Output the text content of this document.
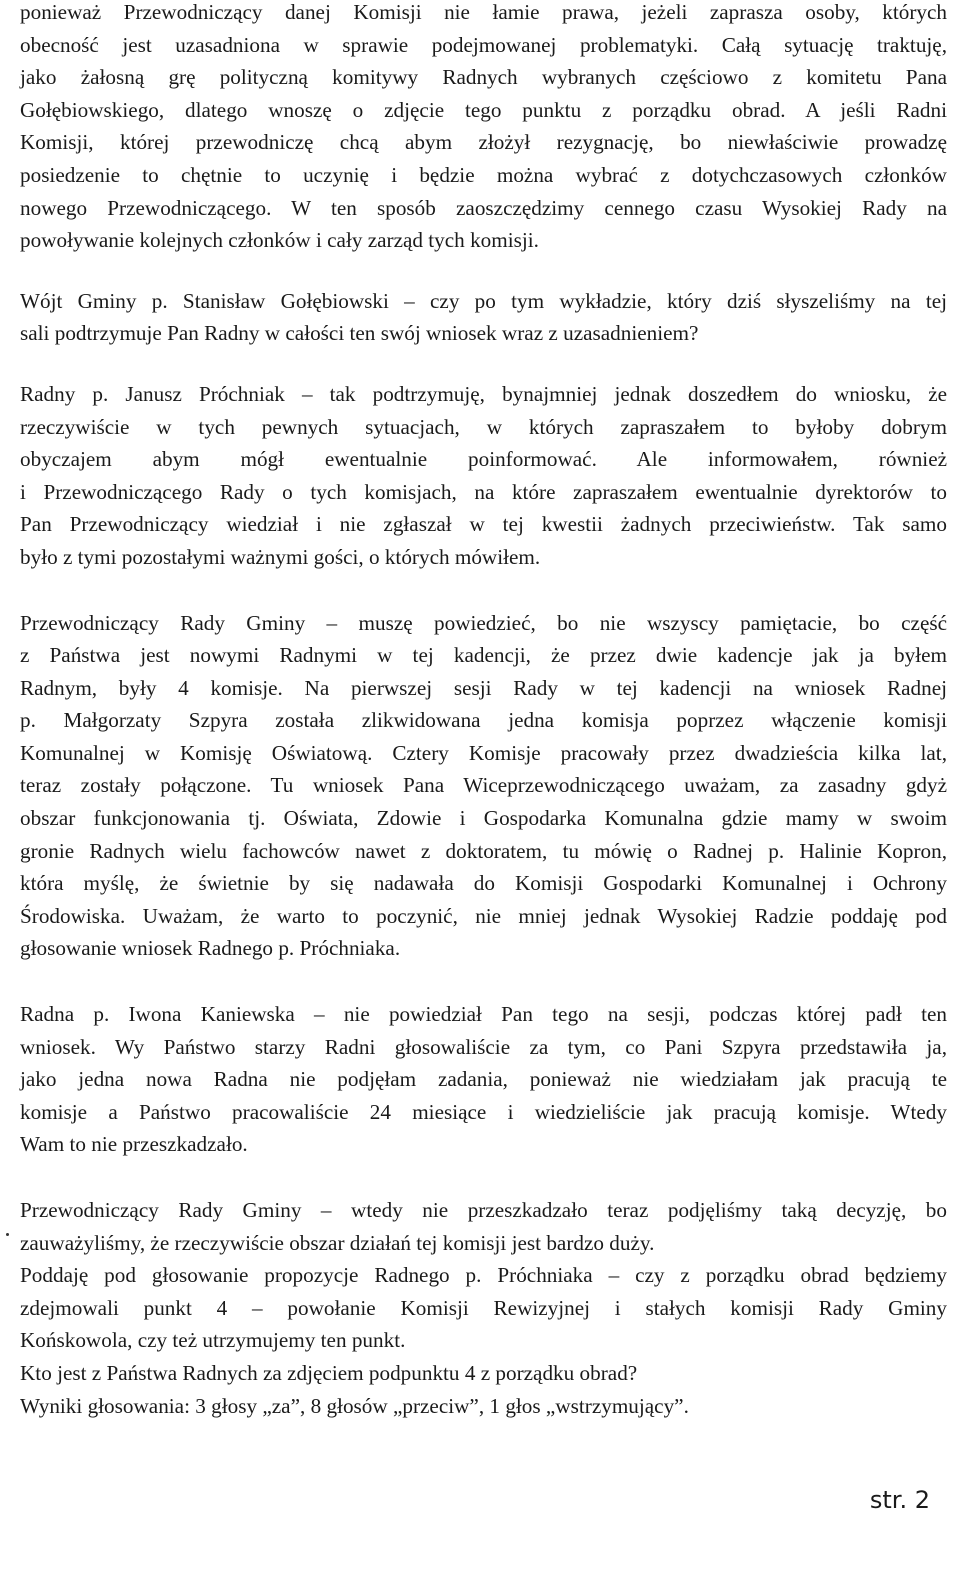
ponieważ Przewodniczący danej Komisji nie łamie prawa, jeżeli zaprasza osoby, których
obecność jest uzasadniona w sprawie podejmowanej problematyki. Całą sytuację traktuję,
jako żałosną grę polityczną komitywy Radnych wybranych częściowo z komitetu Pana
Gołębiowskiego, dlatego wnoszę o zdjęcie tego punktu z porządku obrad. A jeśli Radni
Komisji, której przewodniczę chcą abym złożył rezygnację, bo niewłaściwie prowadzę
posiedzenie to chętnie to uczynię i będzie można wybrać z dotychczasowych członków
nowego Przewodniczącego. W ten sposób zaoszczędzimy cennego czasu Wysokiej Rady na
powoływanie kolejnych członków i cały zarząd tych komisji.

Wójt Gminy p. Stanisław Gołębiowski – czy po tym wykładzie, który dziś słyszeliśmy na tej
sali podtrzymuje Pan Radny w całości ten swój wniosek wraz z uzasadnieniem?

Radny p. Janusz Próchniak – tak podtrzymuję, bynajmniej jednak doszedłem do wniosku, że
rzeczywiście w tych pewnych sytuacjach, w których zapraszałem to byłoby dobrym
obyczajem abym mógł ewentualnie poinformować. Ale informowałem, również
i Przewodniczącego Rady o tych komisjach, na które zapraszałem ewentualnie dyrektorów to
Pan Przewodniczący wiedział i nie zgłaszał w tej kwestii żadnych przeciwieństw. Tak samo
było z tymi pozostałymi ważnymi gości, o których mówiłem.

Przewodniczący Rady Gminy – muszę powiedzieć, bo nie wszyscy pamiętacie, bo część
z Państwa jest nowymi Radnymi w tej kadencji, że przez dwie kadencje jak ja byłem
Radnym, były 4 komisje. Na pierwszej sesji Rady w tej kadencji na wniosek Radnej
p. Małgorzaty Szpyra została zlikwidowana jedna komisja poprzez włączenie komisji
Komunalnej w Komisję Oświatową. Cztery Komisje pracowały przez dwadzieścia kilka lat,
teraz zostały połączone. Tu wniosek Pana Wiceprzewodniczącego uważam, za zasadny gdyż
obszar funkcjonowania tj. Oświata, Zdowie i Gospodarka Komunalna gdzie mamy w swoim
gronie Radnych wielu fachowców nawet z doktoratem, tu mówię o Radnej p. Halinie Kopron,
która myślę, że świetnie by się nadawała do Komisji Gospodarki Komunalnej i Ochrony
Środowiska. Uważam, że warto to poczynić, nie mniej jednak Wysokiej Radzie poddaję pod
głosowanie wniosek Radnego p. Próchniaka.

Radna p. Iwona Kaniewska – nie powiedział Pan tego na sesji, podczas której padł ten
wniosek. Wy Państwo starzy Radni głosowaliście za tym, co Pani Szpyra przedstawiła ja,
jako jedna nowa Radna nie podjęłam zadania, ponieważ nie wiedziałam jak pracują te
komisje a Państwo pracowaliście 24 miesiące i wiedzieliście jak pracują komisje. Wtedy
Wam to nie przeszkadzało.

Przewodniczący Rady Gminy – wtedy nie przeszkadzało teraz podjęliśmy taką decyzję, bo
zauważyliśmy, że rzeczywiście obszar działań tej komisji jest bardzo duży.
Poddaję pod głosowanie propozycje Radnego p. Próchniaka – czy z porządku obrad będziemy
zdejmowali punkt 4 – powołanie Komisji Rewizyjnej i stałych komisji Rady Gminy
Końskowola, czy też utrzymujemy ten punkt.
Kto jest z Państwa Radnych za zdjęciem podpunktu 4 z porządku obrad?
Wyniki głosowania: 3 głosy „za”, 8 głosów „przeciw”, 1 głos „wstrzymujący”.

str. 2
